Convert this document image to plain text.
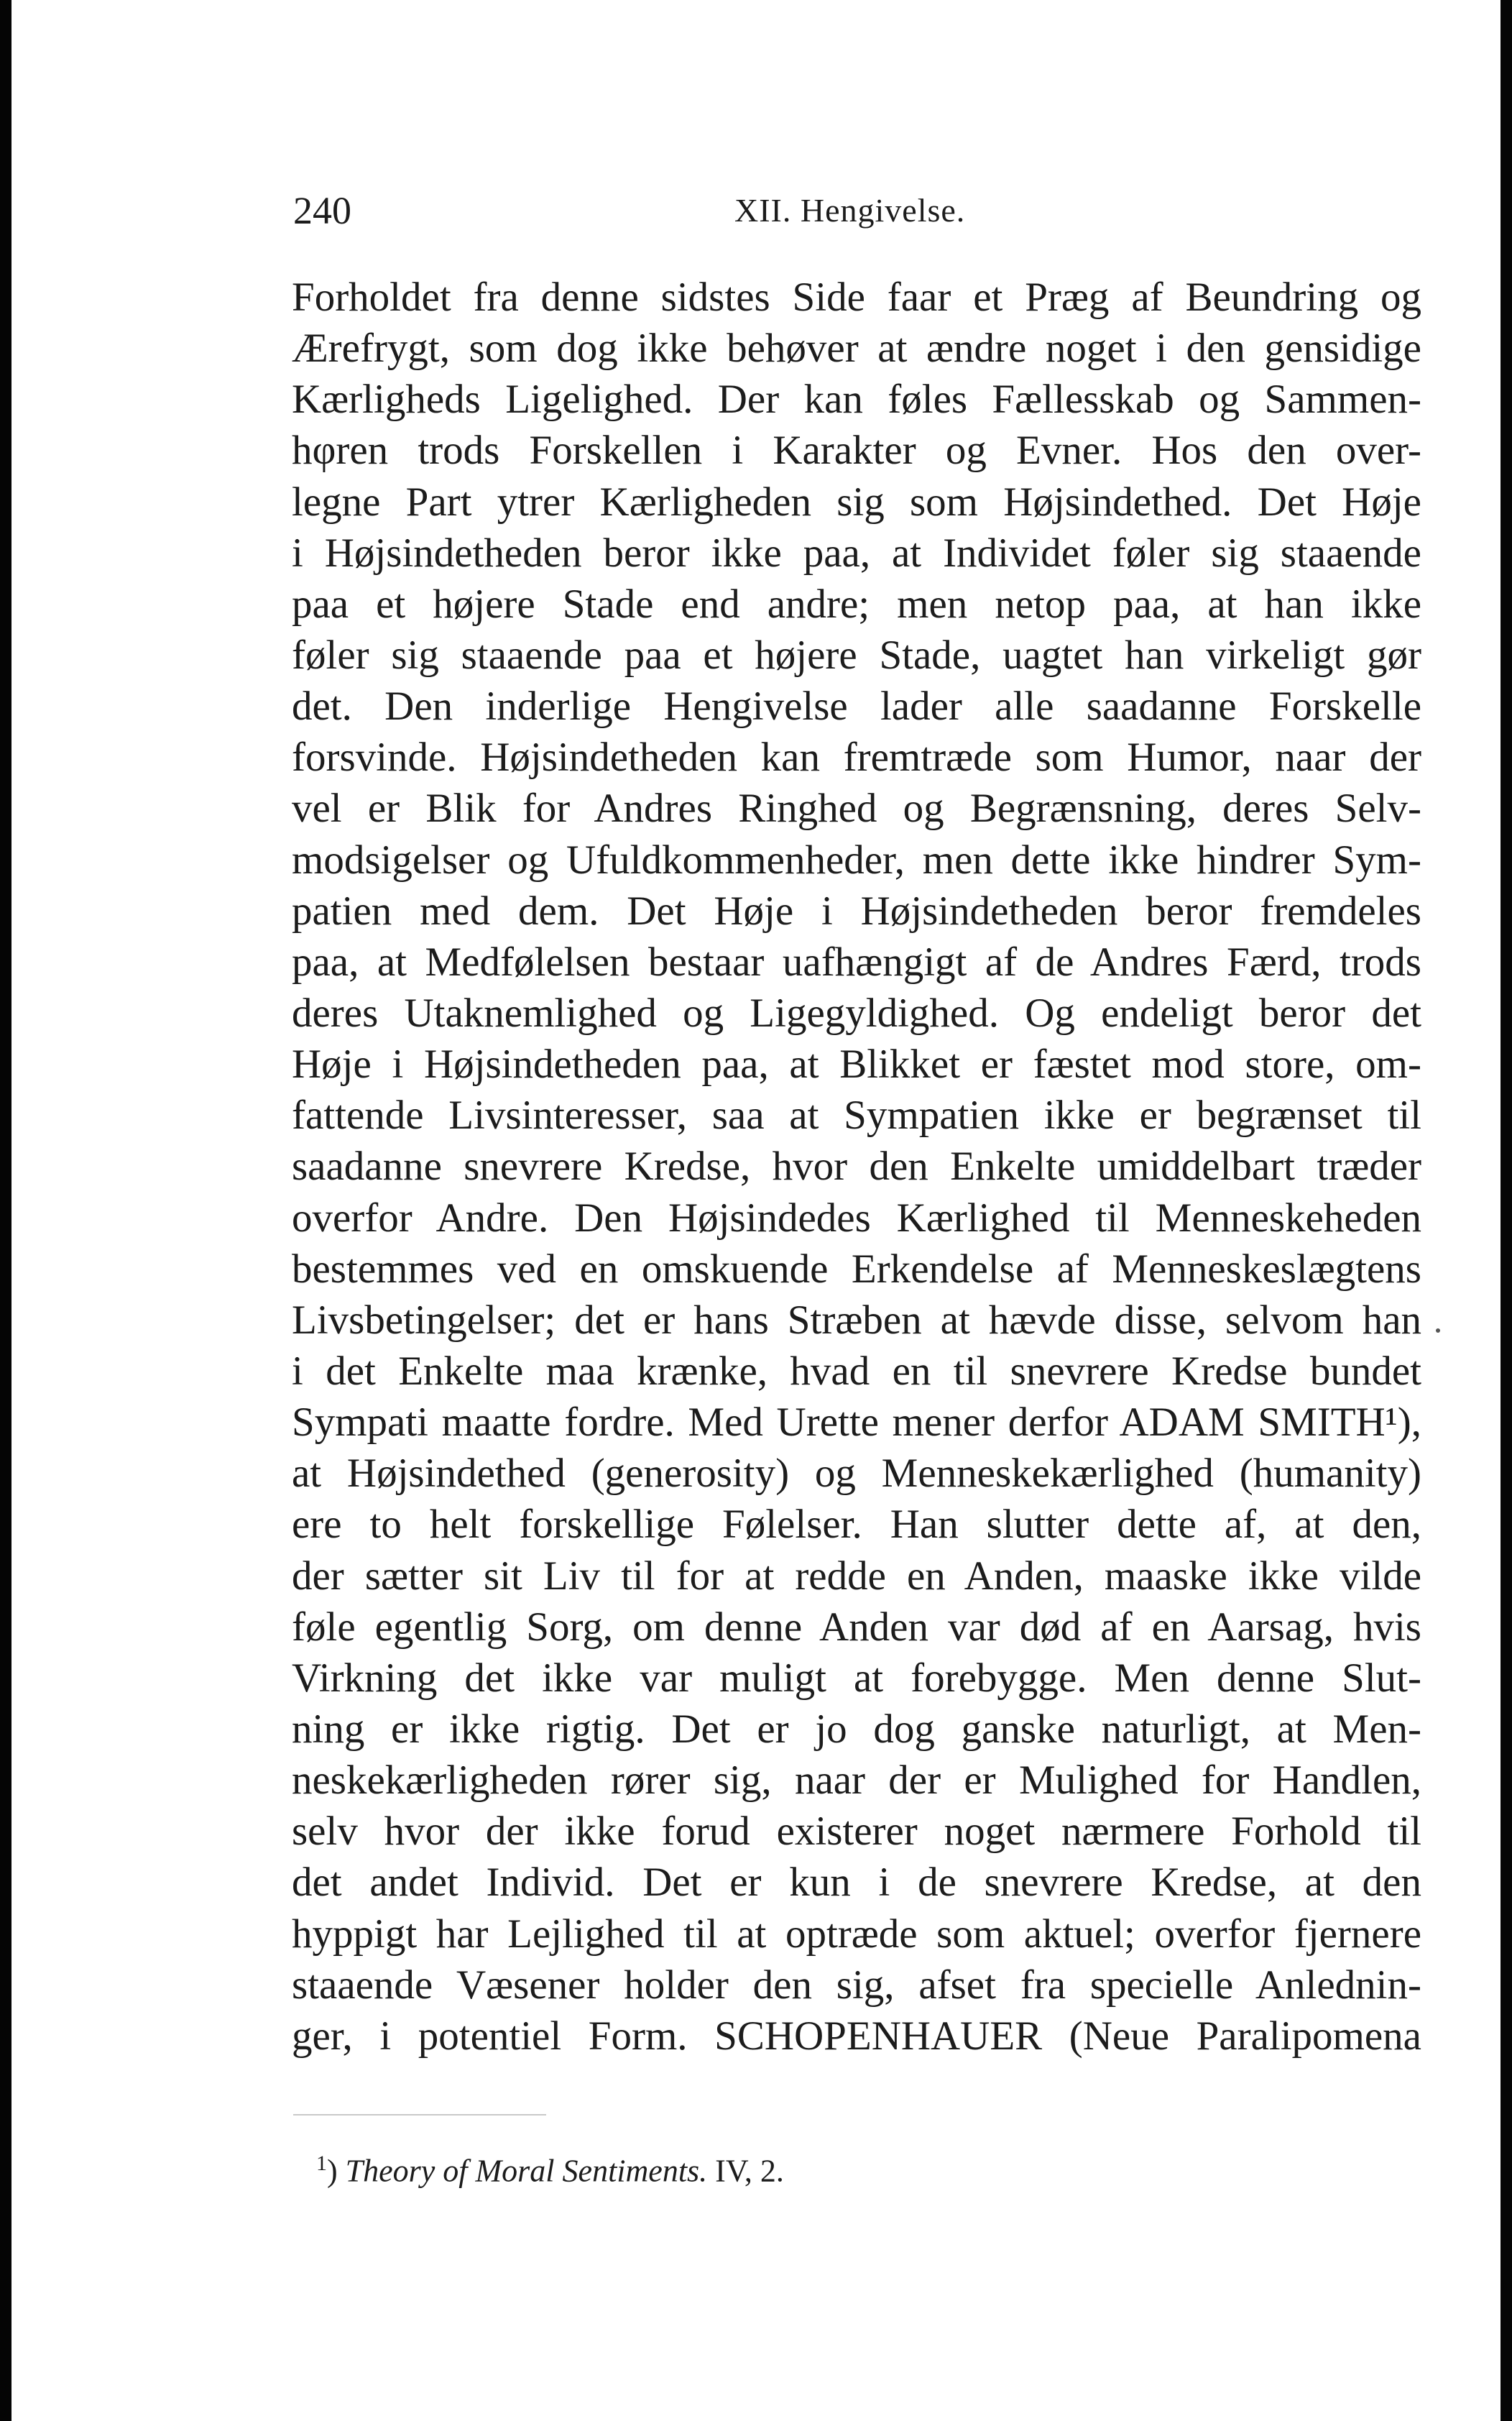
240	XII. Hengivelse.
Forholdet fra denne sidstes Side faar et Præg af Beundring og
Ærefrygt, som dog ikke behøver at ændre noget i den gensidige
Kærligheds Ligelighed. Der kan føles Fællesskab og Sammen-
hφren trods Forskellen i Karakter og Evner. Hos den over-
legne Part ytrer Kærligheden sig som Højsindethed. Det Høje
i Højsindetheden beror ikke paa, at Individet føler sig staaende
paa et højere Stade end andre; men netop paa, at han ikke
føler sig staaende paa et højere Stade, uagtet han virkeligt gør
det. Den inderlige Hengivelse lader alle saadanne Forskelle
forsvinde. Højsindetheden kan fremtræde som Humor, naar der
vel er Blik for Andres Ringhed og Begrænsning, deres Selv-
modsigelser og Ufuldkommenheder, men dette ikke hindrer Sym-
patien med dem. Det Høje i Højsindetheden beror fremdeles
paa, at Medfølelsen bestaar uafhængigt af de Andres Færd, trods
deres Utaknemlighed og Ligegyldighed. Og endeligt beror det
Høje i Højsindetheden paa, at Blikket er fæstet mod store, om-
fattende Livsinteresser, saa at Sympatien ikke er begrænset til
saadanne snevrere Kredse, hvor den Enkelte umiddelbart træder
overfor Andre. Den Højsindedes Kærlighed til Menneskeheden
bestemmes ved en omskuende Erkendelse af Menneskeslægtens
Livsbetingelser; det er hans Stræben at hævde disse, selvom han
i det Enkelte maa krænke, hvad en til snevrere Kredse bundet
Sympati maatte fordre. Med Urette mener derfor ADAM SMITH¹),
at Højsindethed (generosity) og Menneskekærlighed (humanity)
ere to helt forskellige Følelser. Han slutter dette af, at den,
der sætter sit Liv til for at redde en Anden, maaske ikke vilde
føle egentlig Sorg, om denne Anden var død af en Aarsag, hvis
Virkning det ikke var muligt at forebygge. Men denne Slut-
ning er ikke rigtig. Det er jo dog ganske naturligt, at Men-
neskekærligheden rører sig, naar der er Mulighed for Handlen,
selv hvor der ikke forud existerer noget nærmere Forhold til
det andet Individ. Det er kun i de snevrere Kredse, at den
hyppigt har Lejlighed til at optræde som aktuel; overfor fjernere
staaende Væsener holder den sig, afset fra specielle Anlednin-
ger, i potentiel Form. SCHOPENHAUER (Neue Paralipomena
$^1$) Theory of Moral Sentiments. IV, 2.
